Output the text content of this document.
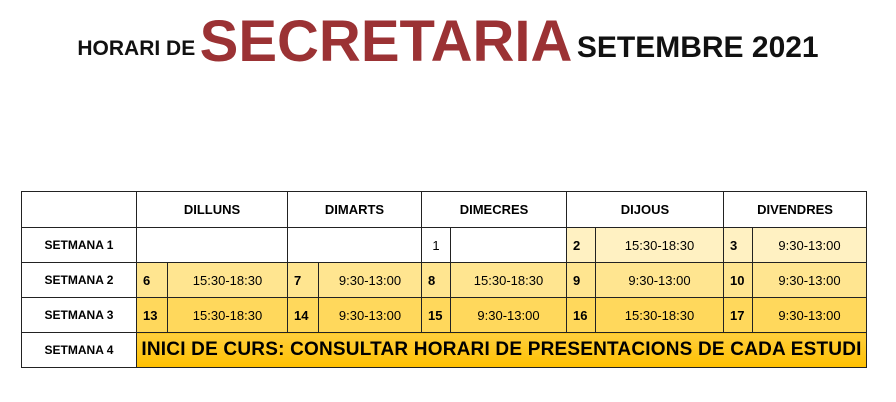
HORARI DE SECRETARIA SETEMBRE 2021
	DILLUNS		DIMARTS		DIMECRES		DIJOUS		DIVENDRES	
SETMANA 1					1		2	15:30-18:30	3	9:30-13:00
SETMANA 2	6	15:30-18:30	7	9:30-13:00	8	15:30-18:30	9	9:30-13:00	10	9:30-13:00
SETMANA 3	13	15:30-18:30	14	9:30-13:00	15	9:30-13:00	16	15:30-18:30	17	9:30-13:00
SETMANA 4	INICI DE CURS: CONSULTAR HORARI DE PRESENTACIONS DE CADA ESTUDI									
